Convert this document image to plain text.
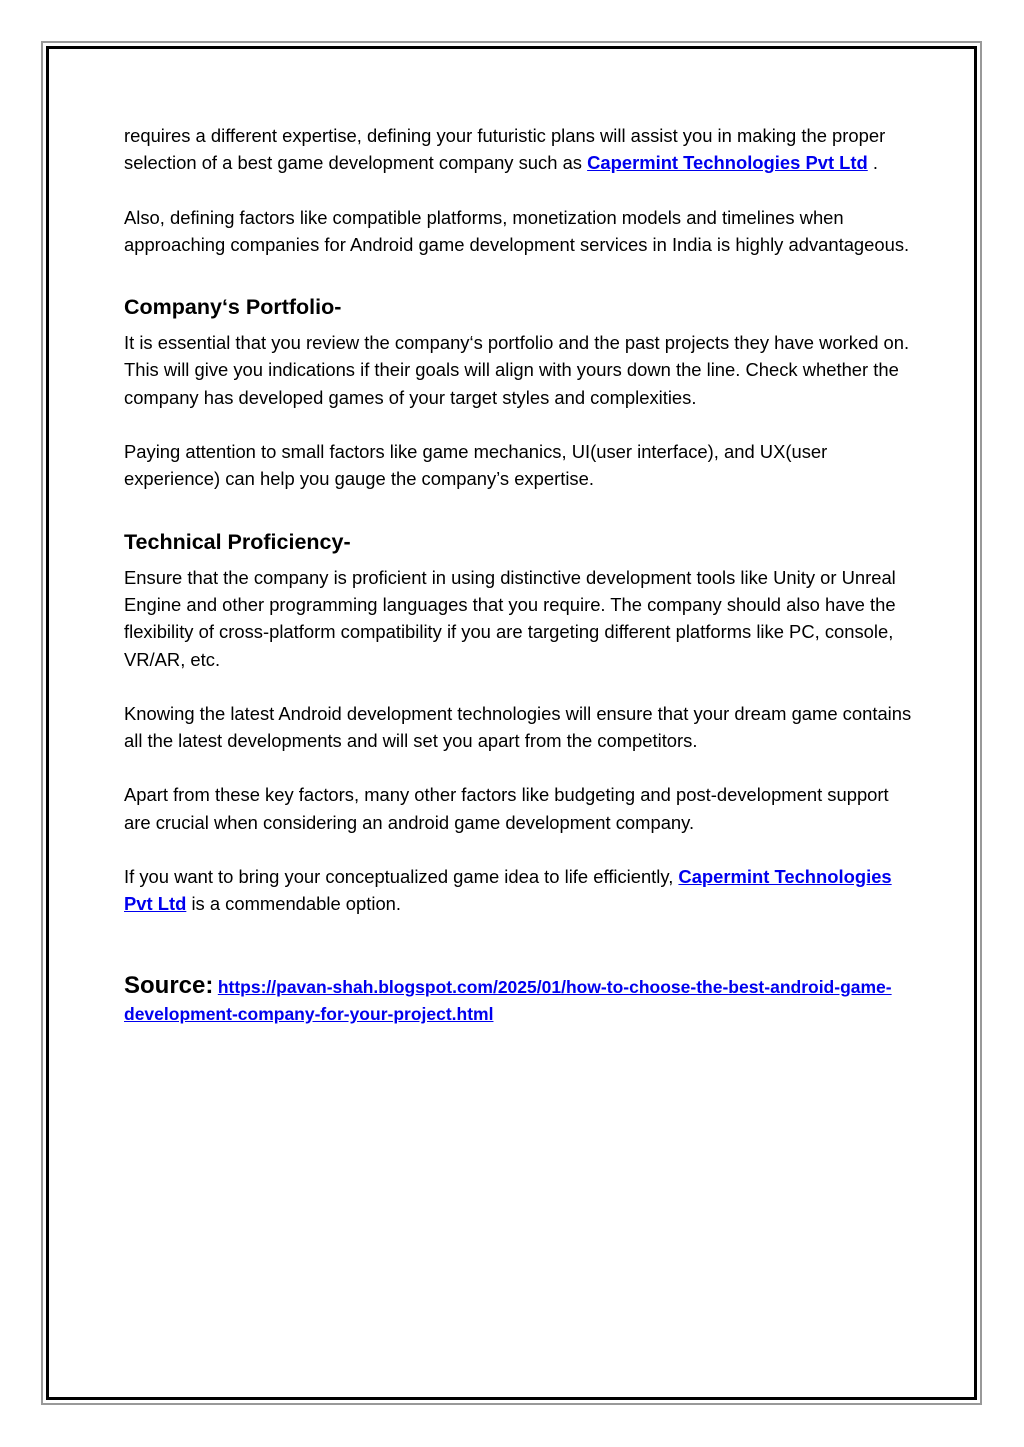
requires a different expertise, defining your futuristic plans will assist you in making the proper selection of a best game development company such as Capermint Technologies Pvt Ltd .

Also, defining factors like compatible platforms, monetization models and timelines when approaching companies for Android game development services in India is highly advantageous.

Company‘s Portfolio-

It is essential that you review the company‘s portfolio and the past projects they have worked on. This will give you indications if their goals will align with yours down the line. Check whether the company has developed games of your target styles and complexities.

Paying attention to small factors like game mechanics, UI(user interface), and UX(user experience) can help you gauge the company’s expertise.

Technical Proficiency-

Ensure that the company is proficient in using distinctive development tools like Unity or Unreal Engine and other programming languages that you require. The company should also have the flexibility of cross-platform compatibility if you are targeting different platforms like PC, console, VR/AR, etc.

Knowing the latest Android development technologies will ensure that your dream game contains all the latest developments and will set you apart from the competitors.

Apart from these key factors, many other factors like budgeting and post-development support are crucial when considering an android game development company.

If you want to bring your conceptualized game idea to life efficiently, Capermint Technologies Pvt Ltd is a commendable option.

Source: https://pavan-shah.blogspot.com/2025/01/how-to-choose-the-best-android-game-development-company-for-your-project.html
